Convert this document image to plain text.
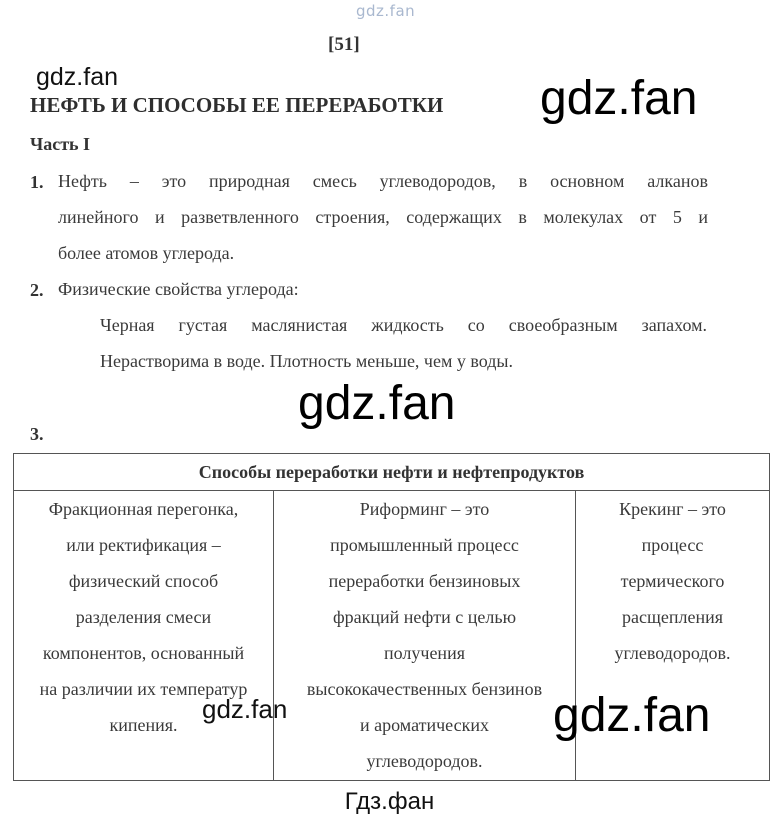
gdz.fan
[51]
gdz.fan
НЕФТЬ И СПОСОБЫ ЕЕ ПЕРЕРАБОТКИ gdz.fan
Часть I
1. Нефть – это природная смесь углеводородов, в основном алканов
линейного и разветвленного строения, содержащих в молекулах от 5 и
более атомов углерода.
2. Физические свойства углерода:
Черная густая маслянистая жидкость со своеобразным запахом.
Нерастворима в воде. Плотность меньше, чем у воды.
gdz.fan
3.
Способы переработки нефти и нефтепродуктов

Фракционная перегонка,
или ректификация –
физический способ
разделения смеси
компонентов, основанный
на различии их температур
кипения.

Риформинг – это
промышленный процесс
переработки бензиновых
фракций нефти с целью
получения
высококачественных бензинов
и ароматических
углеводородов.

Крекинг – это
процесс
термического
расщепления
углеводородов.
gdz.fan	gdz.fan
Гдз.фан
